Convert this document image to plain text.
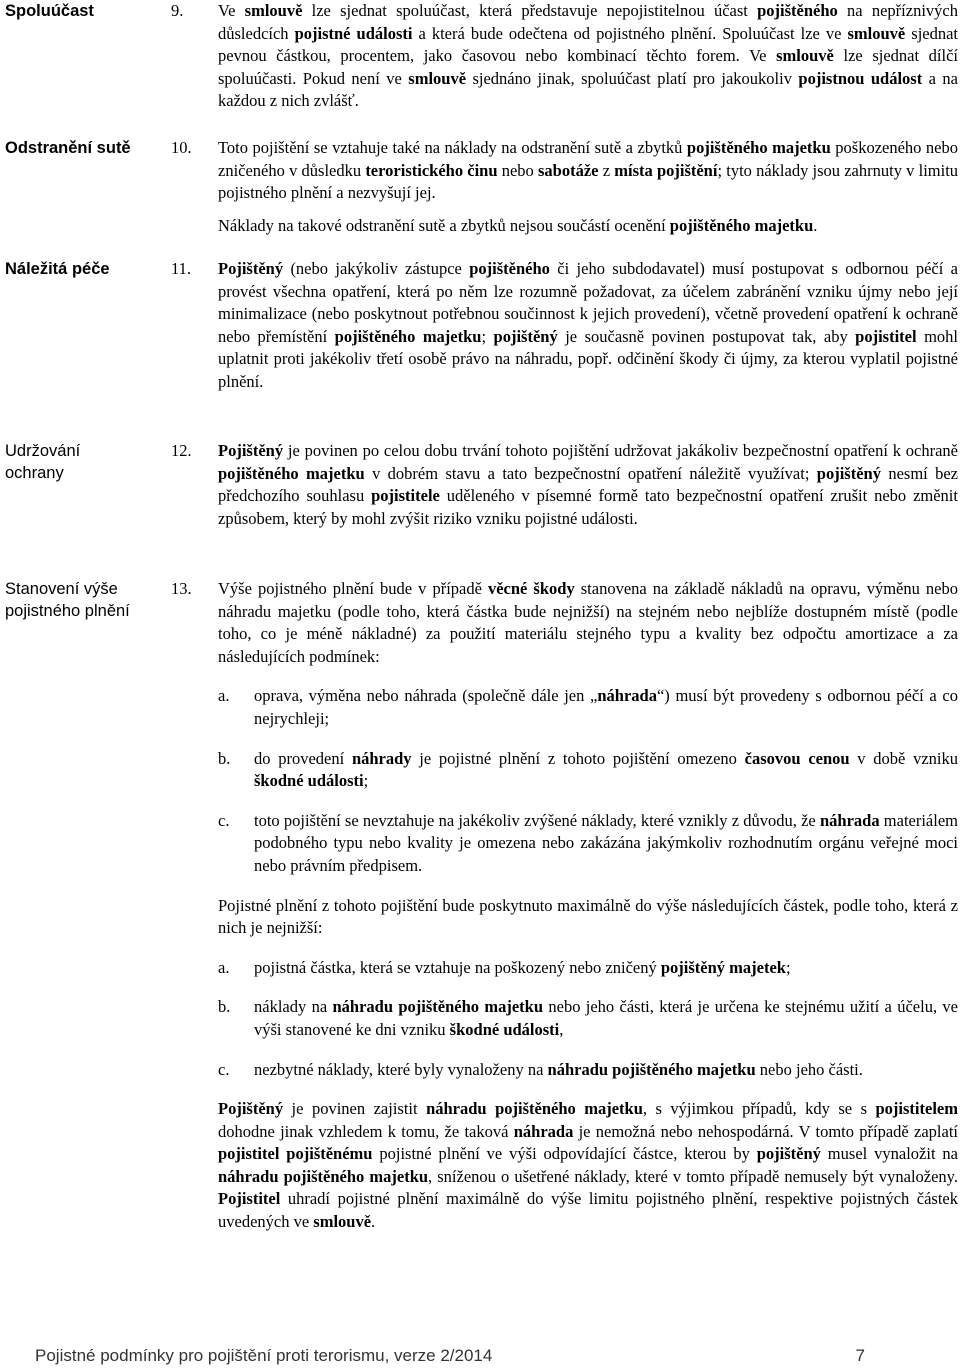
Spoluúčast	9.	Ve smlouvě lze sjednat spoluúčast, která představuje nepojistitelnou účast pojištěného na nepříznivých důsledcích pojistné události a která bude odečtena od pojistného plnění. Spoluúčast lze ve smlouvě sjednat pevnou částkou, procentem, jako časovou nebo kombinací těchto forem. Ve smlouvě lze sjednat dílčí spoluúčasti. Pokud není ve smlouvě sjednáno jinak, spoluúčast platí pro jakoukoliv pojistnou událost a na každou z nich zvlášť.

Odstranění sutě	10.	Toto pojištění se vztahuje také na náklady na odstranění sutě a zbytků pojištěného majetku poškozeného nebo zničeného v důsledku teroristického činu nebo sabotáže z místa pojištění; tyto náklady jsou zahrnuty v limitu pojistného plnění a nezvyšují jej.

Náklady na takové odstranění sutě a zbytků nejsou součástí ocenění pojištěného majetku.

Náležitá péče	11.	Pojištěný (nebo jakýkoliv zástupce pojištěného či jeho subdodavatel) musí postupovat s odbornou péčí a provést všechna opatření, která po něm lze rozumně požadovat, za účelem zabránění vzniku újmy nebo její minimalizace (nebo poskytnout potřebnou součinnost k jejich provedení), včetně provedení opatření k ochraně nebo přemístění pojištěného majetku; pojištěný je současně povinen postupovat tak, aby pojistitel mohl uplatnit proti jakékoliv třetí osobě právo na náhradu, popř. odčinění škody či újmy, za kterou vyplatil pojistné plnění.

Udržování ochrany
12.	Pojištěný je povinen po celou dobu trvání tohoto pojištění udržovat jakákoliv bezpečnostní opatření k ochraně pojištěného majetku v dobrém stavu a tato bezpečnostní opatření náležitě využívat; pojištěný nesmí bez předchozího souhlasu pojistitele uděleného v písemné formě tato bezpečnostní opatření zrušit nebo změnit způsobem, který by mohl zvýšit riziko vzniku pojistné události.

Stanovení výše pojistného plnění
13.	Výše pojistného plnění bude v případě věcné škody stanovena na základě nákladů na opravu, výměnu nebo náhradu majetku (podle toho, která částka bude nejnižší) na stejném nebo nejblíže dostupném místě (podle toho, co je méně nákladné) za použití materiálu stejného typu a kvality bez odpočtu amortizace a za následujících podmínek:

a. oprava, výměna nebo náhrada (společně dále jen „náhrada“) musí být provedeny s odbornou péčí a co nejrychleji;

b. do provedení náhrady je pojistné plnění z tohoto pojištění omezeno časovou cenou v době vzniku škodné události;

c. toto pojištění se nevztahuje na jakékoliv zvýšené náklady, které vznikly z důvodu, že náhrada materiálem podobného typu nebo kvality je omezena nebo zakázána jakýmkoliv rozhodnutím orgánu veřejné moci nebo právním předpisem.

Pojistné plnění z tohoto pojištění bude poskytnuto maximálně do výše následujících částek, podle toho, která z nich je nejnižší:

a. pojistná částka, která se vztahuje na poškozený nebo zničený pojištěný majetek;

b. náklady na náhradu pojištěného majetku nebo jeho části, která je určena ke stejnému užití a účelu, ve výši stanovené ke dni vzniku škodné události,

c. nezbytné náklady, které byly vynaloženy na náhradu pojištěného majetku nebo jeho části.

Pojištěný je povinen zajistit náhradu pojištěného majetku, s výjimkou případů, kdy se s pojistitelem dohodne jinak vzhledem k tomu, že taková náhrada je nemožná nebo nehospodárná. V tomto případě zaplatí pojistitel pojištěnému pojistné plnění ve výši odpovídající částce, kterou by pojištěný musel vynaložit na náhradu pojištěného majetku, sníženou o ušetřené náklady, které v tomto případě nemusely být vynaloženy. Pojistitel uhradí pojistné plnění maximálně do výše limitu pojistného plnění, respektive pojistných částek uvedených ve smlouvě.

Pojistné podmínky pro pojištění proti terorismu, verze 2/2014	7
